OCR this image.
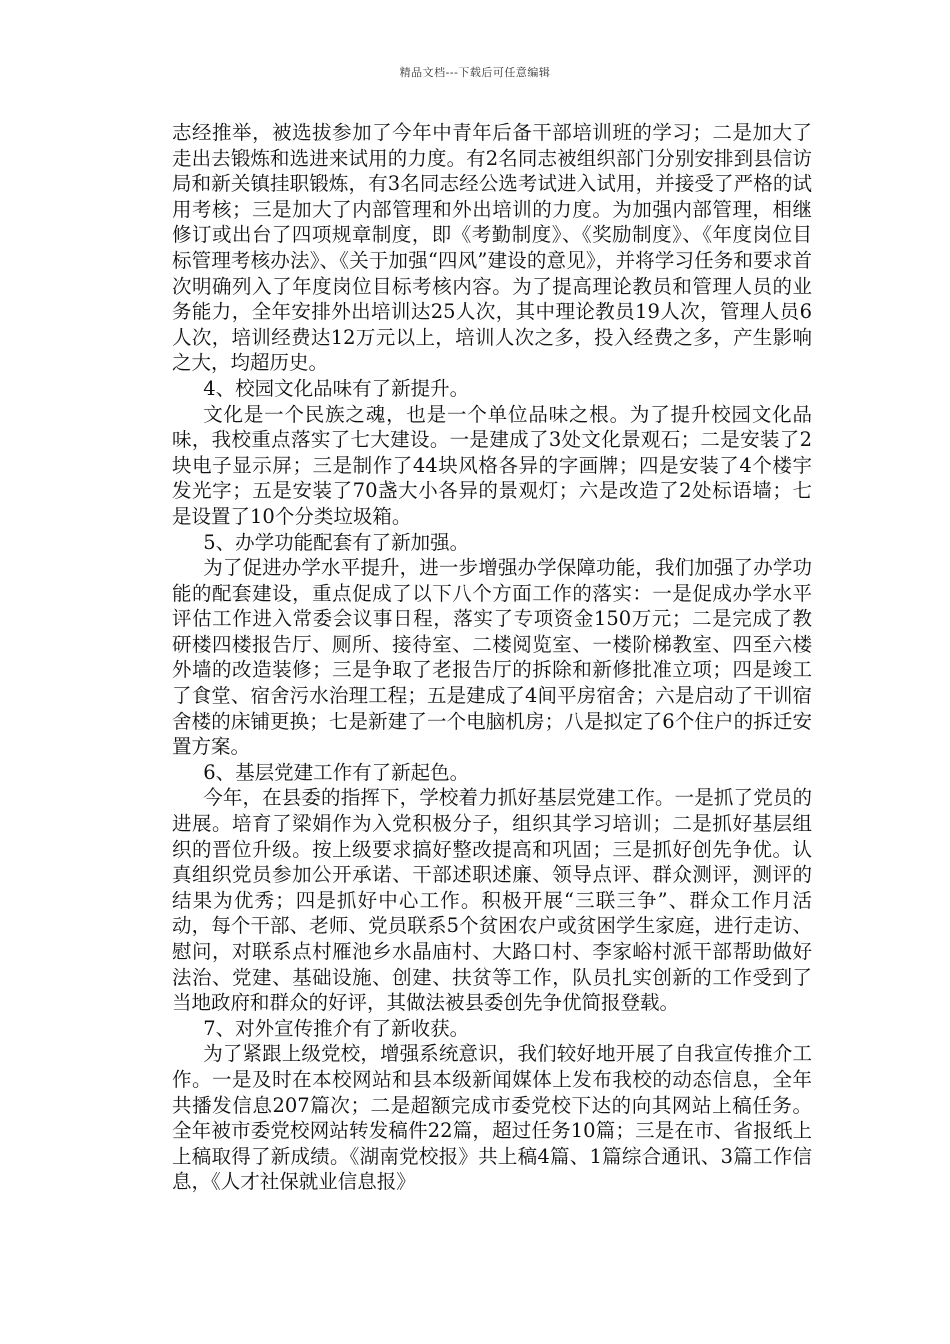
精品文档---下载后可任意编辑

志经推举，被选拔参加了今年中青年后备干部培训班的学习；二是加大了走出去锻炼和选进来试用的力度。有2名同志被组织部门分别安排到县信访局和新关镇挂职锻炼，有3名同志经公选考试进入试用，并接受了严格的试用考核；三是加大了内部管理和外出培训的力度。为加强内部管理，相继修订或出台了四项规章制度，即《考勤制度》、《奖励制度》、《年度岗位目标管理考核办法》、《关于加强“四风”建设的意见》，并将学习任务和要求首次明确列入了年度岗位目标考核内容。为了提高理论教员和管理人员的业务能力，全年安排外出培训达25人次，其中理论教员19人次，管理人员6人次，培训经费达12万元以上，培训人次之多，投入经费之多，产生影响之大，均超历史。

4、校园文化品味有了新提升。

文化是一个民族之魂，也是一个单位品味之根。为了提升校园文化品味，我校重点落实了七大建设。一是建成了3处文化景观石；二是安装了2块电子显示屏；三是制作了44块风格各异的字画牌；四是安装了4个楼宇发光字；五是安装了70盏大小各异的景观灯；六是改造了2处标语墙；七是设置了10个分类垃圾箱。

5、办学功能配套有了新加强。

为了促进办学水平提升，进一步增强办学保障功能，我们加强了办学功能的配套建设，重点促成了以下八个方面工作的落实：一是促成办学水平评估工作进入常委会议事日程，落实了专项资金150万元；二是完成了教研楼四楼报告厅、厕所、接待室、二楼阅览室、一楼阶梯教室、四至六楼外墙的改造装修；三是争取了老报告厅的拆除和新修批准立项；四是竣工了食堂、宿舍污水治理工程；五是建成了4间平房宿舍；六是启动了干训宿舍楼的床铺更换；七是新建了一个电脑机房；八是拟定了6个住户的拆迁安置方案。

6、基层党建工作有了新起色。

今年，在县委的指挥下，学校着力抓好基层党建工作。一是抓了党员的进展。培育了梁娟作为入党积极分子，组织其学习培训；二是抓好基层组织的晋位升级。按上级要求搞好整改提高和巩固；三是抓好创先争优。认真组织党员参加公开承诺、干部述职述廉、领导点评、群众测评，测评的结果为优秀；四是抓好中心工作。积极开展“三联三争”、群众工作月活动，每个干部、老师、党员联系5个贫困农户或贫困学生家庭，进行走访、慰问，对联系点村雁池乡水晶庙村、大路口村、李家峪村派干部帮助做好法治、党建、基础设施、创建、扶贫等工作，队员扎实创新的工作受到了当地政府和群众的好评，其做法被县委创先争优简报登载。

7、对外宣传推介有了新收获。

为了紧跟上级党校，增强系统意识，我们较好地开展了自我宣传推介工作。一是及时在本校网站和县本级新闻媒体上发布我校的动态信息，全年共播发信息207篇次；二是超额完成市委党校下达的向其网站上稿任务。全年被市委党校网站转发稿件22篇，超过任务10篇；三是在市、省报纸上上稿取得了新成绩。《湖南党校报》共上稿4篇、1篇综合通讯、3篇工作信息，《人才社保就业信息报》
